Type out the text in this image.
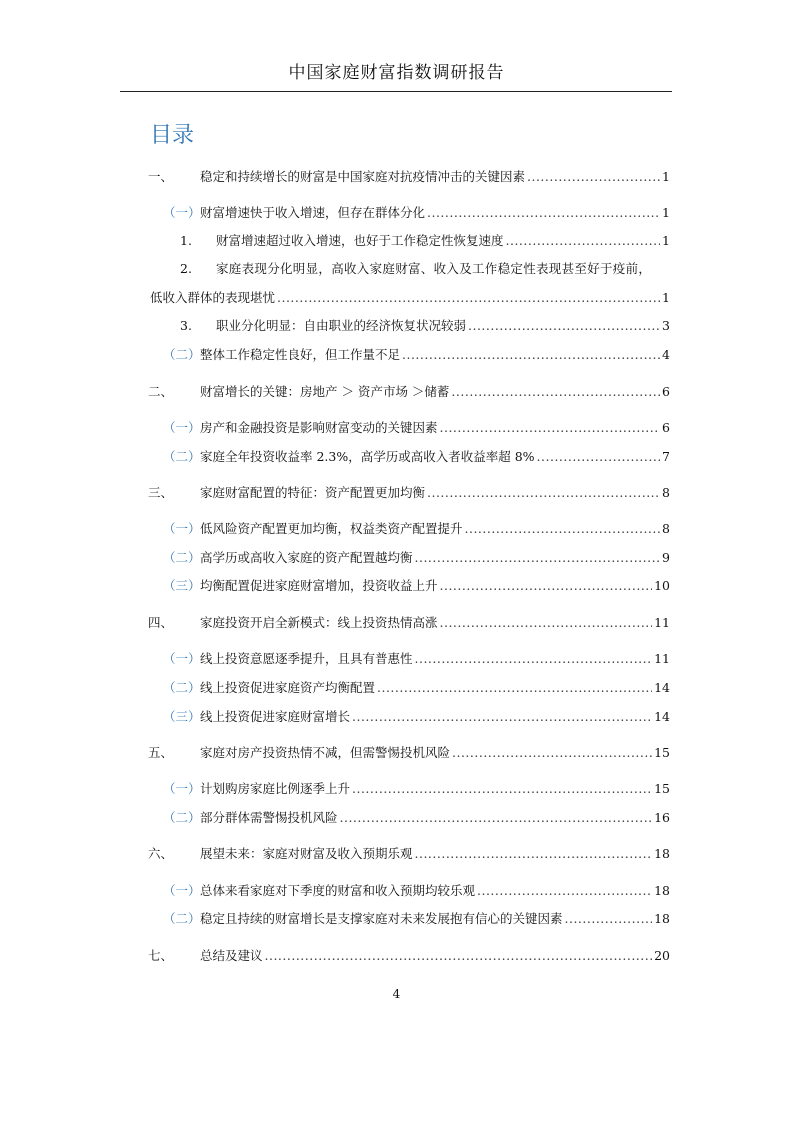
中国家庭财富指数调研报告
目录
一、 稳定和持续增长的财富是中国家庭对抗疫情冲击的关键因素 .....	1
（一） 财富增速快于收入增速，但存在群体分化 .....	1
1. 财富增速超过收入增速，也好于工作稳定性恢复速度 .....	1
2. 家庭表现分化明显，高收入家庭财富、收入及工作稳定性表现甚至好于疫前，
低收入群体的表现堪忧 .....	1
3. 职业分化明显：自由职业的经济恢复状况较弱 .....	3
（二） 整体工作稳定性良好，但工作量不足 .....	4
二、 财富增长的关键：房地产 ＞ 资产市场 ＞储蓄 .....	6
（一） 房产和金融投资是影响财富变动的关键因素 .....	6
（二） 家庭全年投资收益率 2.3%，高学历或高收入者收益率超 8% .....	7
三、 家庭财富配置的特征：资产配置更加均衡 .....	8
（一） 低风险资产配置更加均衡，权益类资产配置提升 .....	8
（二） 高学历或高收入家庭的资产配置越均衡 .....	9
（三） 均衡配置促进家庭财富增加，投资收益上升 .....	10
四、 家庭投资开启全新模式：线上投资热情高涨 .....	11
（一） 线上投资意愿逐季提升，且具有普惠性 .....	11
（二） 线上投资促进家庭资产均衡配置 .....	14
（三） 线上投资促进家庭财富增长 .....	14
五、 家庭对房产投资热情不减，但需警惕投机风险 .....	15
（一） 计划购房家庭比例逐季上升 .....	15
（二） 部分群体需警惕投机风险 .....	16
六、 展望未来：家庭对财富及收入预期乐观 .....	18
（一） 总体来看家庭对下季度的财富和收入预期均较乐观 .....	18
（二） 稳定且持续的财富增长是支撑家庭对未来发展抱有信心的关键因素 .....	18
七、 总结及建议 .....	20
4
